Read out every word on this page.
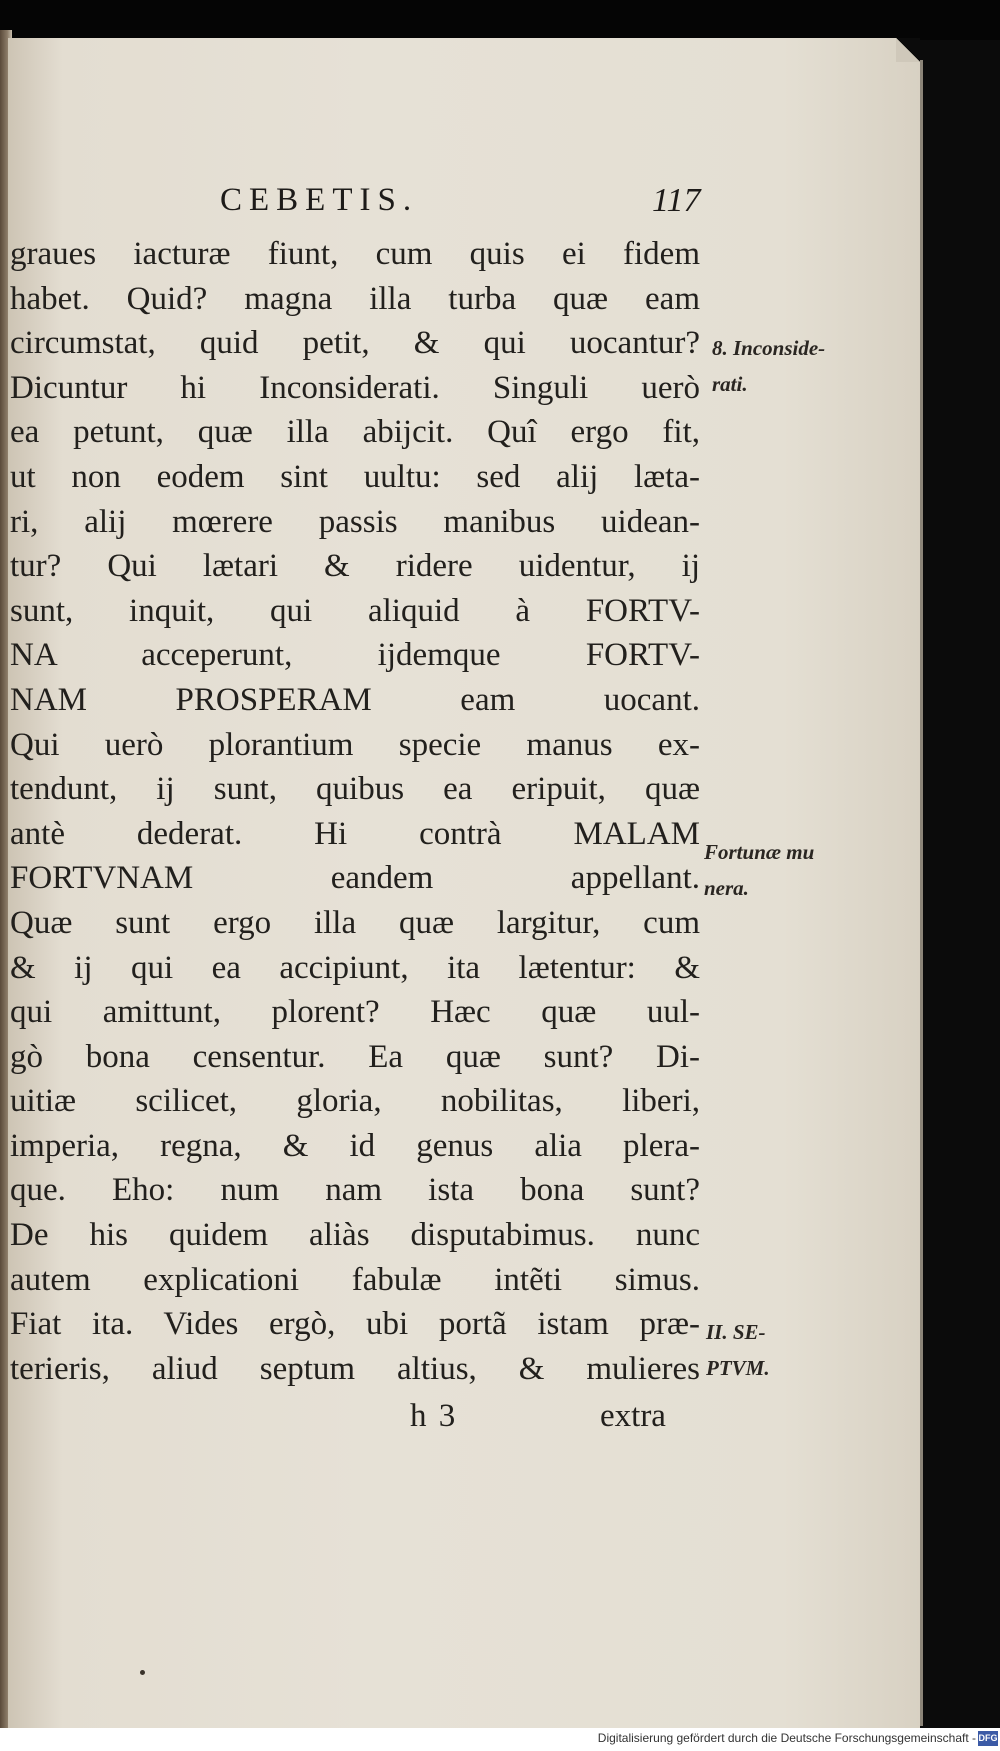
CEBETIS.	117
graues iacturæ fiunt, cum quis ei fidem
habet. Quid? magna illa turba quæ eam
circumstat, quid petit, & qui uocantur?
Dicuntur hi Inconsiderati. Singuli uerò
ea petunt, quæ illa abijcit. Quî ergo fit,
ut non eodem sint uultu: sed alij læta-
ri, alij mœrere passis manibus uidean-
tur? Qui lætari & ridere uidentur, ij
sunt, inquit, qui aliquid à FORTV-
NA acceperunt, ijdemque FORTV-
NAM PROSPERAM eam uocant.
Qui uerò plorantium specie manus ex-
tendunt, ij sunt, quibus ea eripuit, quæ
antè dederat. Hi contrà MALAM
FORTVNAM eandem appellant.
Quæ sunt ergo illa quæ largitur, cum
& ij qui ea accipiunt, ita lætentur: &
qui amittunt, plorent? Hæc quæ uul-
gò bona censentur. Ea quæ sunt? Di-
uitiæ scilicet, gloria, nobilitas, liberi,
imperia, regna, & id genus alia plera-
que. Eho: num nam ista bona sunt?
De his quidem aliàs disputabimus. nunc
autem explicationi fabulæ intẽti simus.
Fiat ita. Vides ergò, ubi portã istam præ-
terieris, aliud septum altius, & mulieres
8. Inconside-
rati.
Fortunæ mu
nera.
II. SE-
PTVM.
h 3	extra
Digitalisierung gefördert durch die Deutsche Forschungsgemeinschaft - DFG
